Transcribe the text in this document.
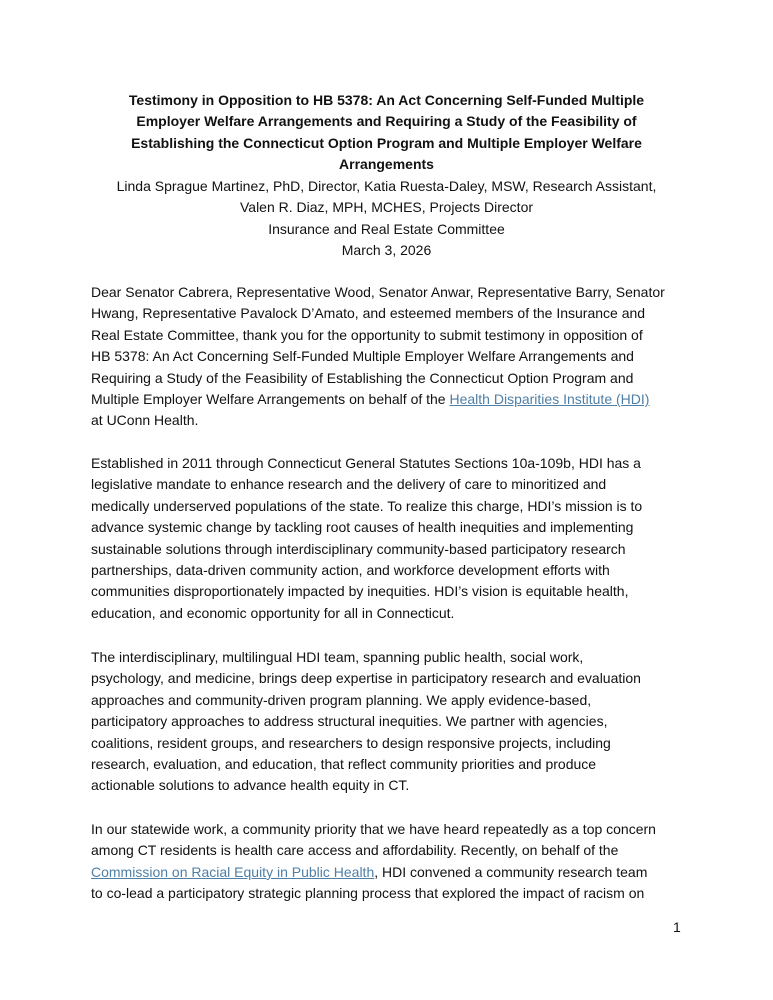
Testimony in Opposition to HB 5378: An Act Concerning Self-Funded Multiple
Employer Welfare Arrangements and Requiring a Study of the Feasibility of
Establishing the Connecticut Option Program and Multiple Employer Welfare
Arrangements
Linda Sprague Martinez, PhD, Director, Katia Ruesta-Daley, MSW, Research Assistant,
Valen R. Diaz, MPH, MCHES, Projects Director
Insurance and Real Estate Committee
March 3, 2026
Dear Senator Cabrera, Representative Wood, Senator Anwar, Representative Barry, Senator
Hwang, Representative Pavalock D’Amato, and esteemed members of the Insurance and
Real Estate Committee, thank you for the opportunity to submit testimony in opposition of
HB 5378: An Act Concerning Self-Funded Multiple Employer Welfare Arrangements and
Requiring a Study of the Feasibility of Establishing the Connecticut Option Program and
Multiple Employer Welfare Arrangements on behalf of the Health Disparities Institute (HDI)
at UConn Health.
Established in 2011 through Connecticut General Statutes Sections 10a-109b, HDI has a
legislative mandate to enhance research and the delivery of care to minoritized and
medically underserved populations of the state. To realize this charge, HDI’s mission is to
advance systemic change by tackling root causes of health inequities and implementing
sustainable solutions through interdisciplinary community-based participatory research
partnerships, data-driven community action, and workforce development efforts with
communities disproportionately impacted by inequities. HDI’s vision is equitable health,
education, and economic opportunity for all in Connecticut.
The interdisciplinary, multilingual HDI team, spanning public health, social work,
psychology, and medicine, brings deep expertise in participatory research and evaluation
approaches and community-driven program planning. We apply evidence-based,
participatory approaches to address structural inequities. We partner with agencies,
coalitions, resident groups, and researchers to design responsive projects, including
research, evaluation, and education, that reflect community priorities and produce
actionable solutions to advance health equity in CT.
In our statewide work, a community priority that we have heard repeatedly as a top concern
among CT residents is health care access and affordability. Recently, on behalf of the
Commission on Racial Equity in Public Health, HDI convened a community research team
to co-lead a participatory strategic planning process that explored the impact of racism on
1
